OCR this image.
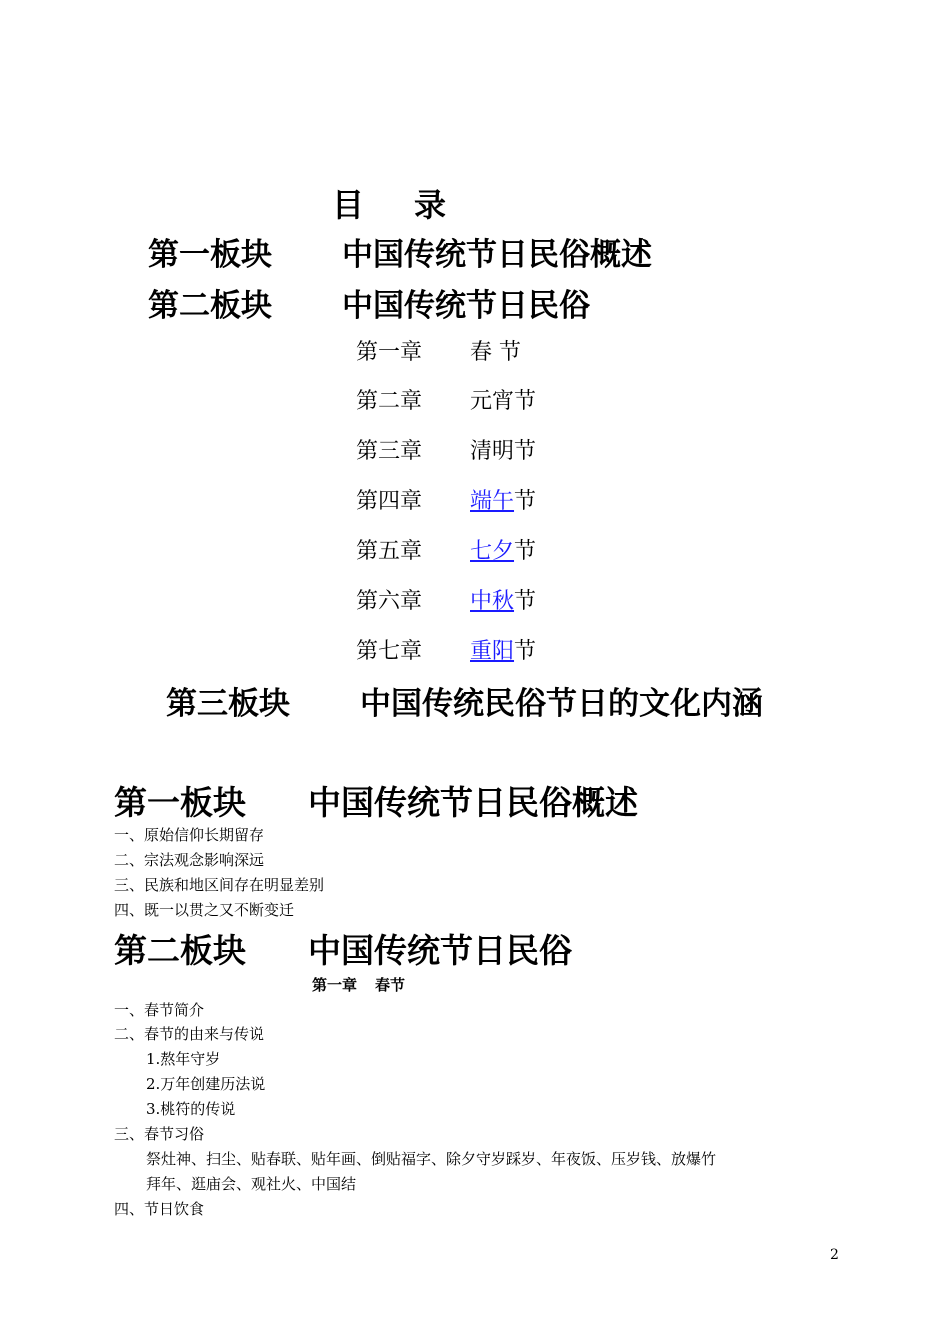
目 录
第一板块 中国传统节日民俗概述
第二板块 中国传统节日民俗
第一章 春 节
第二章 元宵节
第三章 清明节
第四章 端午节
第五章 七夕节
第六章 中秋节
第七章 重阳节
第三板块 中国传统民俗节日的文化内涵
第一板块 中国传统节日民俗概述
一、原始信仰长期留存
二、宗法观念影响深远
三、民族和地区间存在明显差别
四、既一以贯之又不断变迁
第二板块 中国传统节日民俗
第一章 春节
一、春节简介
二、春节的由来与传说
1.熬年守岁
2.万年创建历法说
3.桃符的传说
三、春节习俗
祭灶神、扫尘、贴春联、贴年画、倒贴福字、除夕守岁踩岁、年夜饭、压岁钱、放爆竹
拜年、逛庙会、观社火、中国结
四、节日饮食
2
